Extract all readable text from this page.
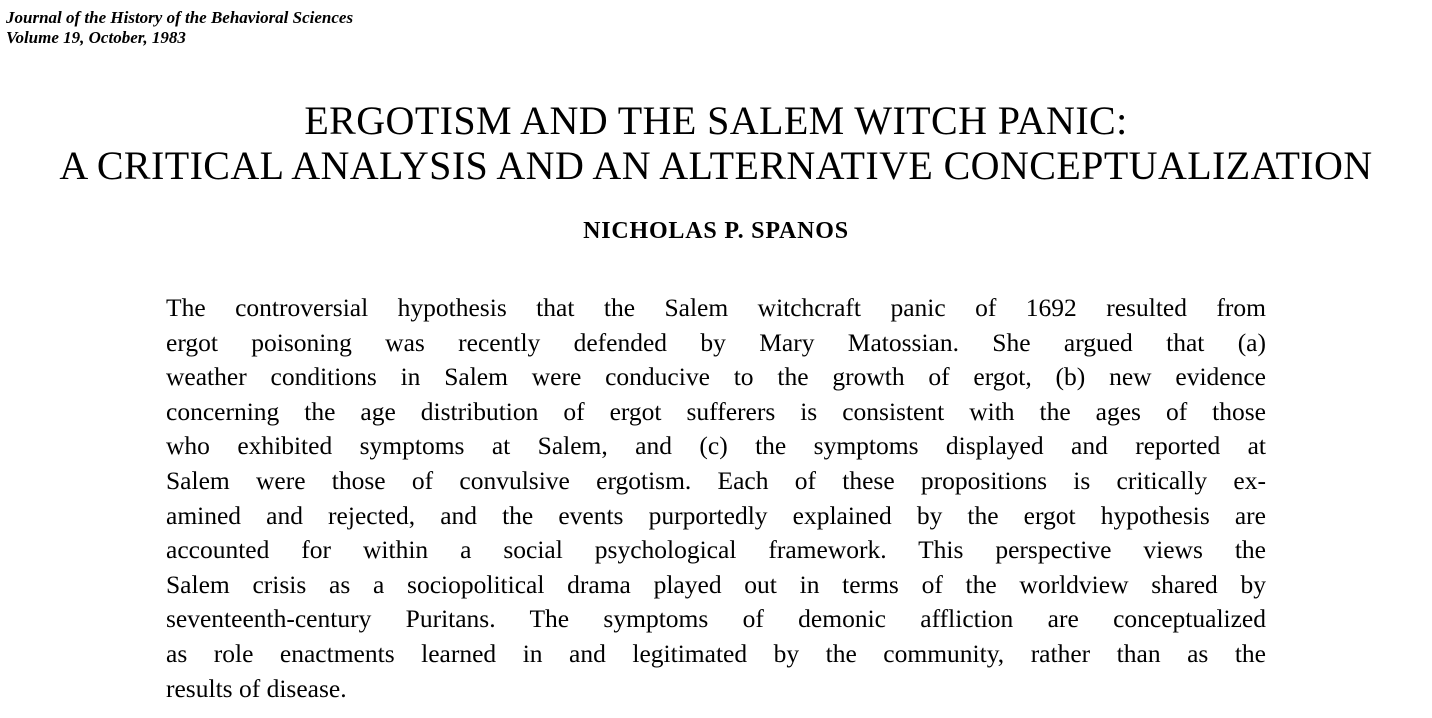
Journal of the History of the Behavioral Sciences
Volume 19, October, 1983
ERGOTISM AND THE SALEM WITCH PANIC:
A CRITICAL ANALYSIS AND AN ALTERNATIVE CONCEPTUALIZATION
NICHOLAS P. SPANOS
The controversial hypothesis that the Salem witchcraft panic of 1692 resulted from
ergot poisoning was recently defended by Mary Matossian. She argued that (a)
weather conditions in Salem were conducive to the growth of ergot, (b) new evidence
concerning the age distribution of ergot sufferers is consistent with the ages of those
who exhibited symptoms at Salem, and (c) the symptoms displayed and reported at
Salem were those of convulsive ergotism. Each of these propositions is critically ex-
amined and rejected, and the events purportedly explained by the ergot hypothesis are
accounted for within a social psychological framework. This perspective views the
Salem crisis as a sociopolitical drama played out in terms of the worldview shared by
seventeenth-century Puritans. The symptoms of demonic affliction are conceptualized
as role enactments learned in and legitimated by the community, rather than as the
results of disease.
